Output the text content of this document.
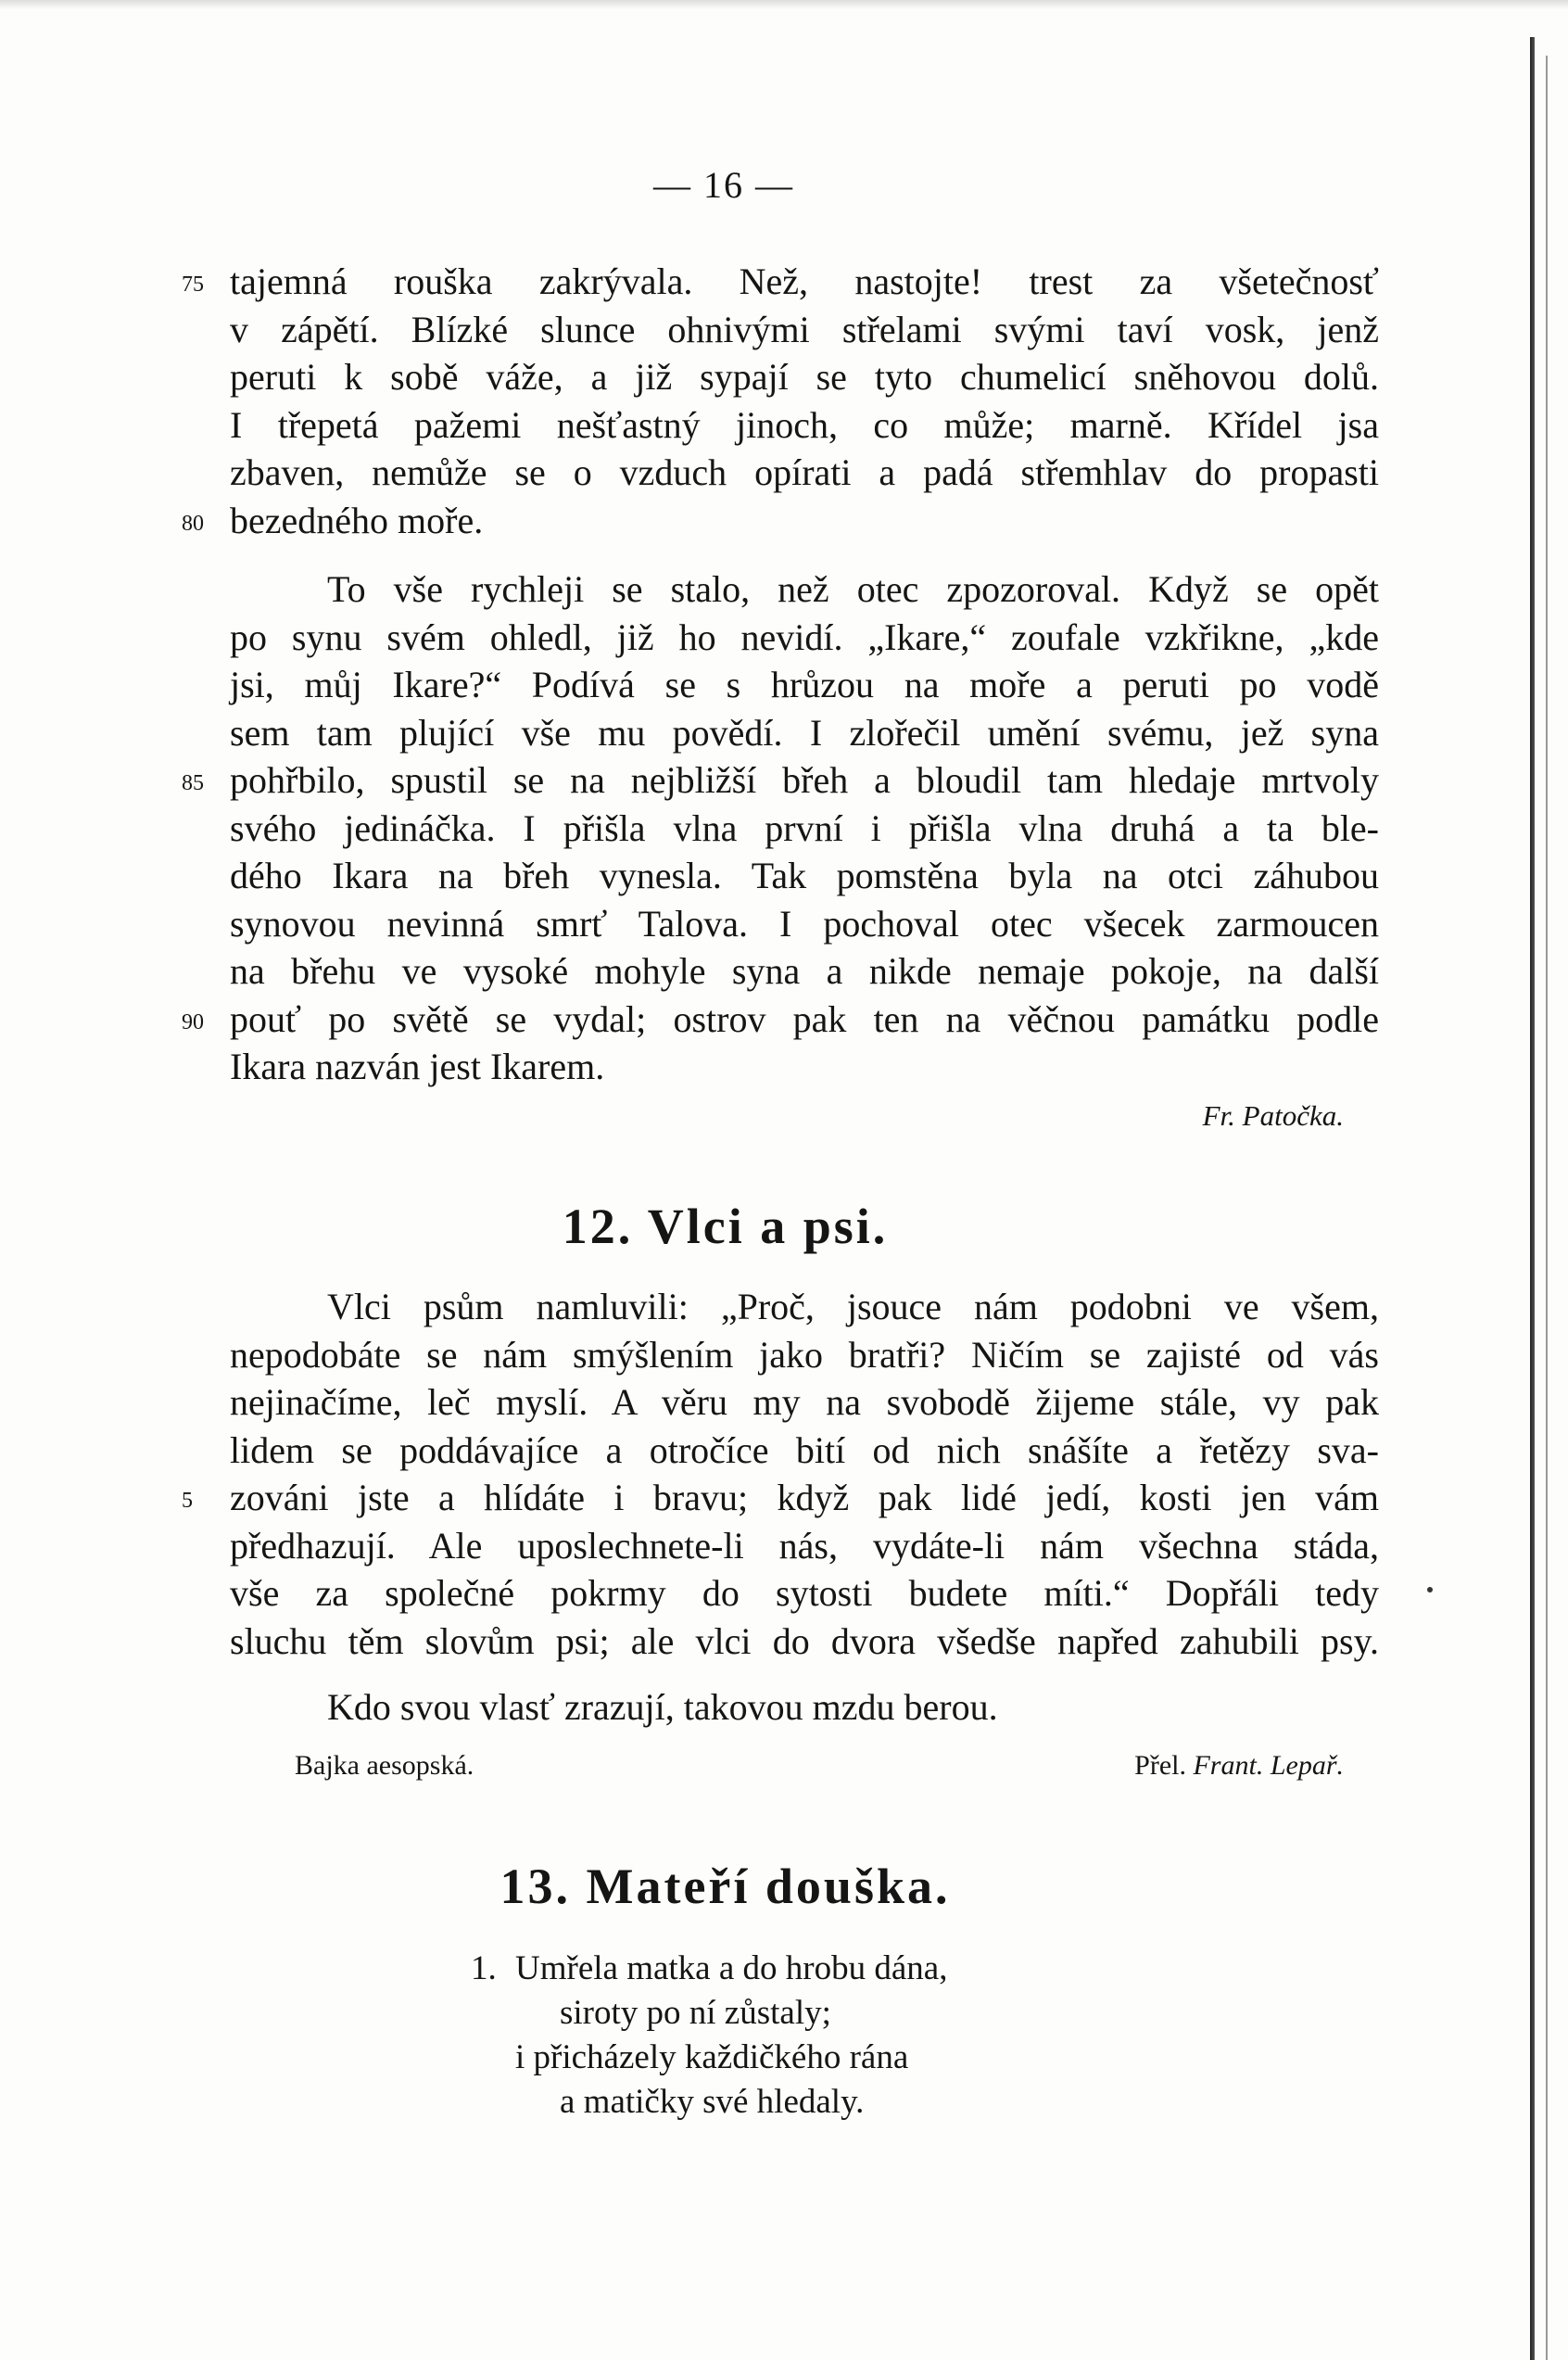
— 16 —
75 tajemná rouška zakrývala. Než, nastojte! trest za všetečnosť
v zápětí. Blízké slunce ohnivými střelami svými taví vosk, jenž
peruti k sobě váže, a již sypají se tyto chumelicí sněhovou dolů.
I třepetá pažemi nešťastný jinoch, co může; marně. Křídel jsa
zbaven, nemůže se o vzduch opírati a padá střemhlav do propasti
80 bezedného moře.
To vše rychleji se stalo, než otec zpozoroval. Když se opět
po synu svém ohledl, již ho nevidí. „Ikare,“ zoufale vzkřikne, „kde
jsi, můj Ikare?“ Podívá se s hrůzou na moře a peruti po vodě
sem tam plující vše mu povědí. I zlořečil umění svému, jež syna
85 pohřbilo, spustil se na nejbližší břeh a bloudil tam hledaje mrtvoly
svého jedináčka. I přišla vlna první i přišla vlna druhá a ta ble-
dého Ikara na břeh vynesla. Tak pomstěna byla na otci záhubou
synovou nevinná smrť Talova. I pochoval otec všecek zarmoucen
na břehu ve vysoké mohyle syna a nikde nemaje pokoje, na další
90 pouť po světě se vydal; ostrov pak ten na věčnou památku podle
Ikara nazván jest Ikarem.
Fr. Patočka.
12. Vlci a psi.
Vlci psům namluvili: „Proč, jsouce nám podobni ve všem,
nepodobáte se nám smýšlením jako bratři? Ničím se zajisté od vás
nejinačíme, leč myslí. A věru my na svobodě žijeme stále, vy pak
lidem se poddávajíce a otročíce bití od nich snášíte a řetězy sva-
5	zováni jste a hlídáte i bravu; když pak lidé jedí, kosti jen vám
předhazují. Ale uposlechnete-li nás, vydáte-li nám všechna stáda,
vše za společné pokrmy do sytosti budete míti.“ Dopřáli tedy
sluchu těm slovům psi; ale vlci do dvora všedše napřed zahubili psy.
Kdo svou vlasť zrazují, takovou mzdu berou.
Bajka aesopská.	Přel. Frant. Lepař.
13. Mateří douška.
1. Umřela matka a do hrobu dána,
siroty po ní zůstaly;
i přicházely každičkého rána
a matičky své hledaly.
